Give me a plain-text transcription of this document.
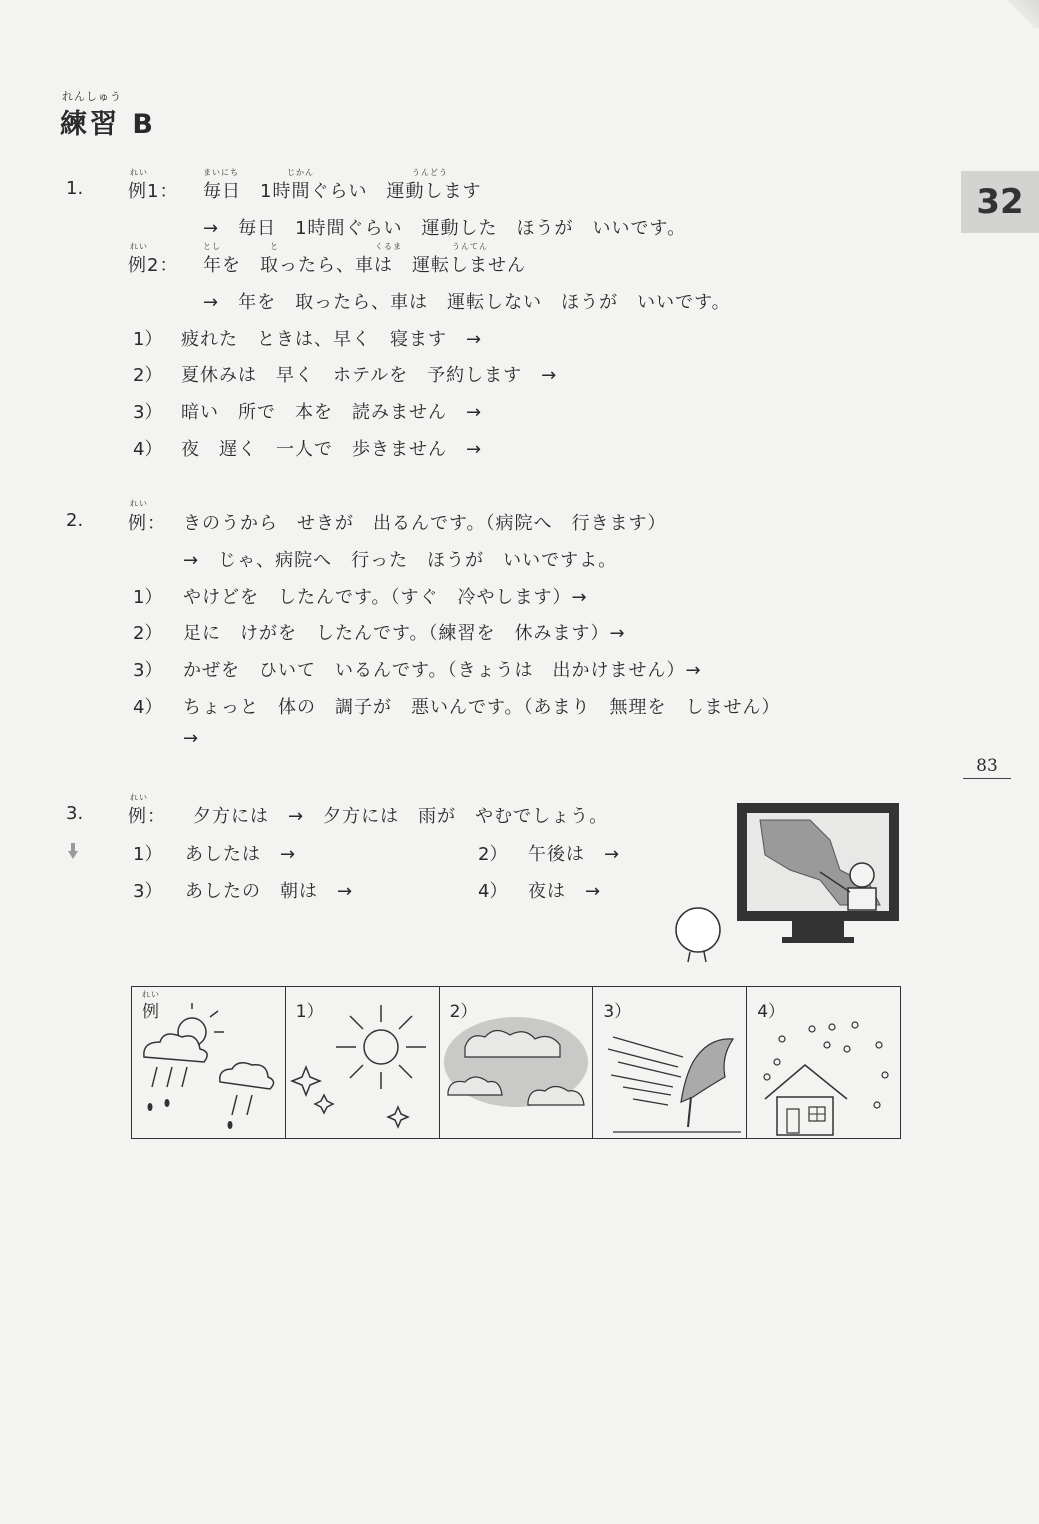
れんしゅう
練習 B
32
83
1.
れい	まいにち	じかん	うんどう
例1： 毎日　1時間ぐらい　運動します
→　毎日　1時間ぐらい　運動した　ほうが　いいです。
れい	とし	と	くるま	うんてん
例2： 年を　取ったら、車は　運転しません
→　年を　取ったら、車は　運転しない　ほうが　いいです。
1） 疲れた　ときは、早く　寝ます　→
2） 夏休みは　早く　ホテルを　予約します　→
3） 暗い　所で　本を　読みません　→
4） 夜　遅く　一人で　歩きません　→
2.
れい
例： きのうから　せきが　出るんです。（病院へ　行きます）
→　じゃ、病院へ　行った　ほうが　いいですよ。
1） やけどを　したんです。（すぐ　冷やします）→
2） 足に　けがを　したんです。（練習を　休みます）→
3） かぜを　ひいて　いるんです。（きょうは　出かけません）→
4） ちょっと　体の　調子が　悪いんです。（あまり　無理を　しません）
→
3.
れい
例： 夕方には　→　夕方には　雨が　やむでしょう。
1） あしたは　→	2） 午後は　→
3） あしたの　朝は　→	4） 夜は　→
れい
例	1）	2）	3）	4）
